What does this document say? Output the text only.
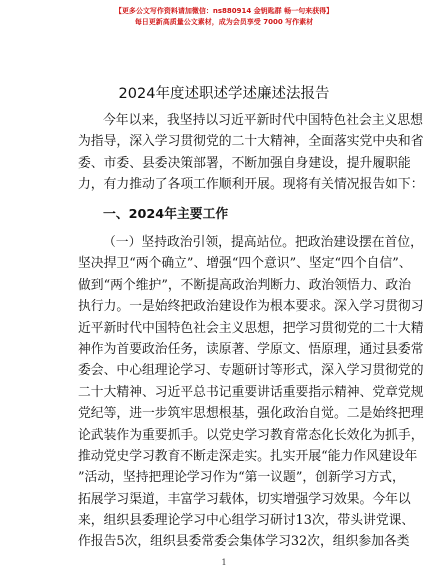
【更多公文写作资料请加微信：ns880914 金钥匙群 畅一句来获得】
每日更新高质量公文素材，成为会员享受 7000 写作素材
2024年度述职述学述廉述法报告
今年以来，我坚持以习近平新时代中国特色社会主义思想
为指导，深入学习贯彻党的二十大精神，全面落实党中央和省
委、市委、县委决策部署，不断加强自身建设，提升履职能
力，有力推动了各项工作顺利开展。现将有关情况报告如下：
一、2024年主要工作
（一）坚持政治引领，提高站位。把政治建设摆在首位，
坚决捍卫“两个确立”、增强“四个意识”、坚定“四个自信”、
做到“两个维护”，不断提高政治判断力、政治领悟力、政治
执行力。一是始终把政治建设作为根本要求。深入学习贯彻习
近平新时代中国特色社会主义思想，把学习贯彻党的二十大精
神作为首要政治任务，读原著、学原文、悟原理，通过县委常
委会、中心组理论学习、专题研讨等形式，深入学习贯彻党的
二十大精神、习近平总书记重要讲话重要指示精神、党章党规
党纪等，进一步筑牢思想根基，强化政治自觉。二是始终把理
论武装作为重要抓手。以党史学习教育常态化长效化为抓手，
推动党史学习教育不断走深走实。扎实开展“能力作风建设年
”活动，坚持把理论学习作为“第一议题”，创新学习方式，
拓展学习渠道，丰富学习载体，切实增强学习效果。今年以
来，组织县委理论学习中心组学习研讨13次，带头讲党课、
作报告5次，组织县委常委会集体学习32次，组织参加各类
1
